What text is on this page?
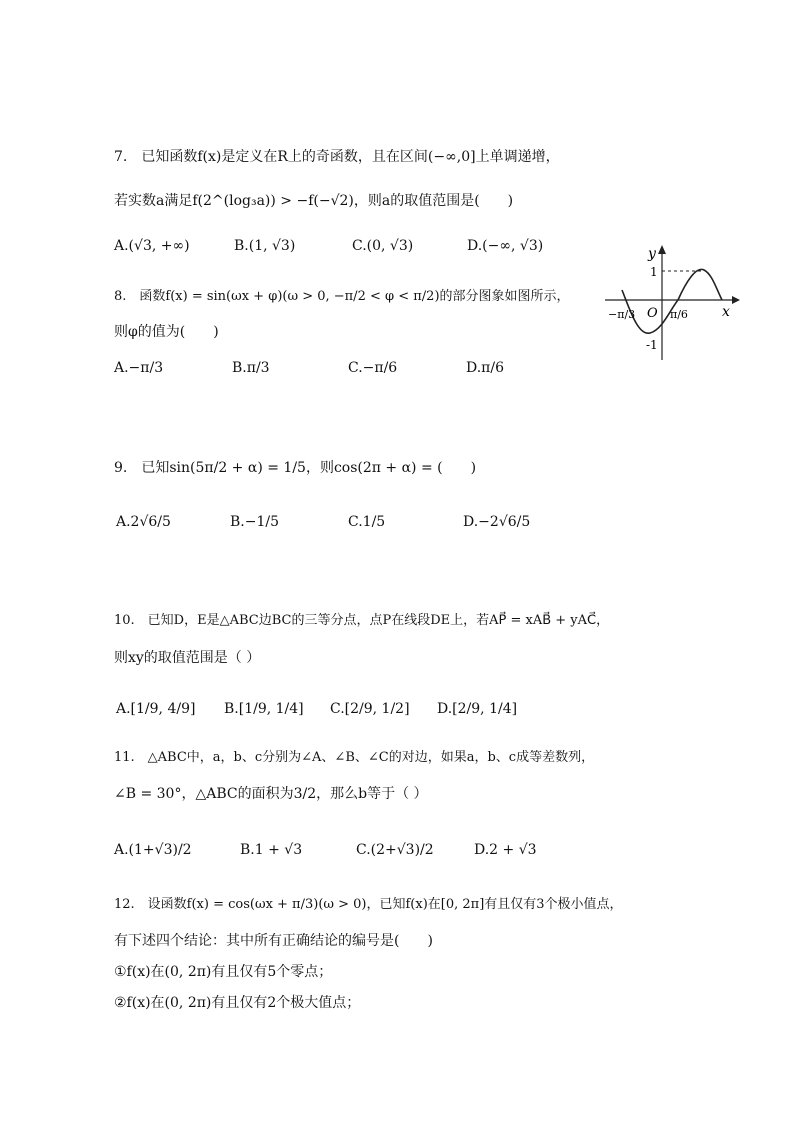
7.　已知函数f(x)是定义在R上的奇函数，且在区间(−∞,0]上单调递增，
若实数a满足f(2^(log₃a)) > −f(−√2)，则a的取值范围是(　　)
A.(√3, +∞)	B.(1, √3)	C.(0, √3)	D.(−∞, √3)
8.　函数f(x) = sin(ωx + φ)(ω > 0, −π/2 < φ < π/2)的部分图象如图所示，
则φ的值为(　　)
A.−π/3	B.π/3	C.−π/6	D.π/6
y
x
O
1
-1
−π/3	π/6
9.　已知sin(5π/2 + α) = 1/5，则cos(2π + α) = (　　)
A.2√6/5	B.−1/5	C.1/5	D.−2√6/5
10.　已知D，E是△ABC边BC的三等分点，点P在线段DE上，若AP⃗ = xAB⃗ + yAC⃗，
则xy的取值范围是（ ）
A.[1/9, 4/9] B.[1/9, 1/4] C.[2/9, 1/2] D.[2/9, 1/4]
11.　△ABC中，a，b、c分别为∠A、∠B、∠C的对边，如果a，b、c成等差数列，
∠B = 30°，△ABC的面积为3/2，那么b等于（ ）
A.(1+√3)/2	B.1 + √3	C.(2+√3)/2	D.2 + √3
12.　设函数f(x) = cos(ωx + π/3)(ω > 0)，已知f(x)在[0, 2π]有且仅有3个极小值点，
有下述四个结论：其中所有正确结论的编号是(　　)
①f(x)在(0, 2π)有且仅有5个零点；
②f(x)在(0, 2π)有且仅有2个极大值点；
